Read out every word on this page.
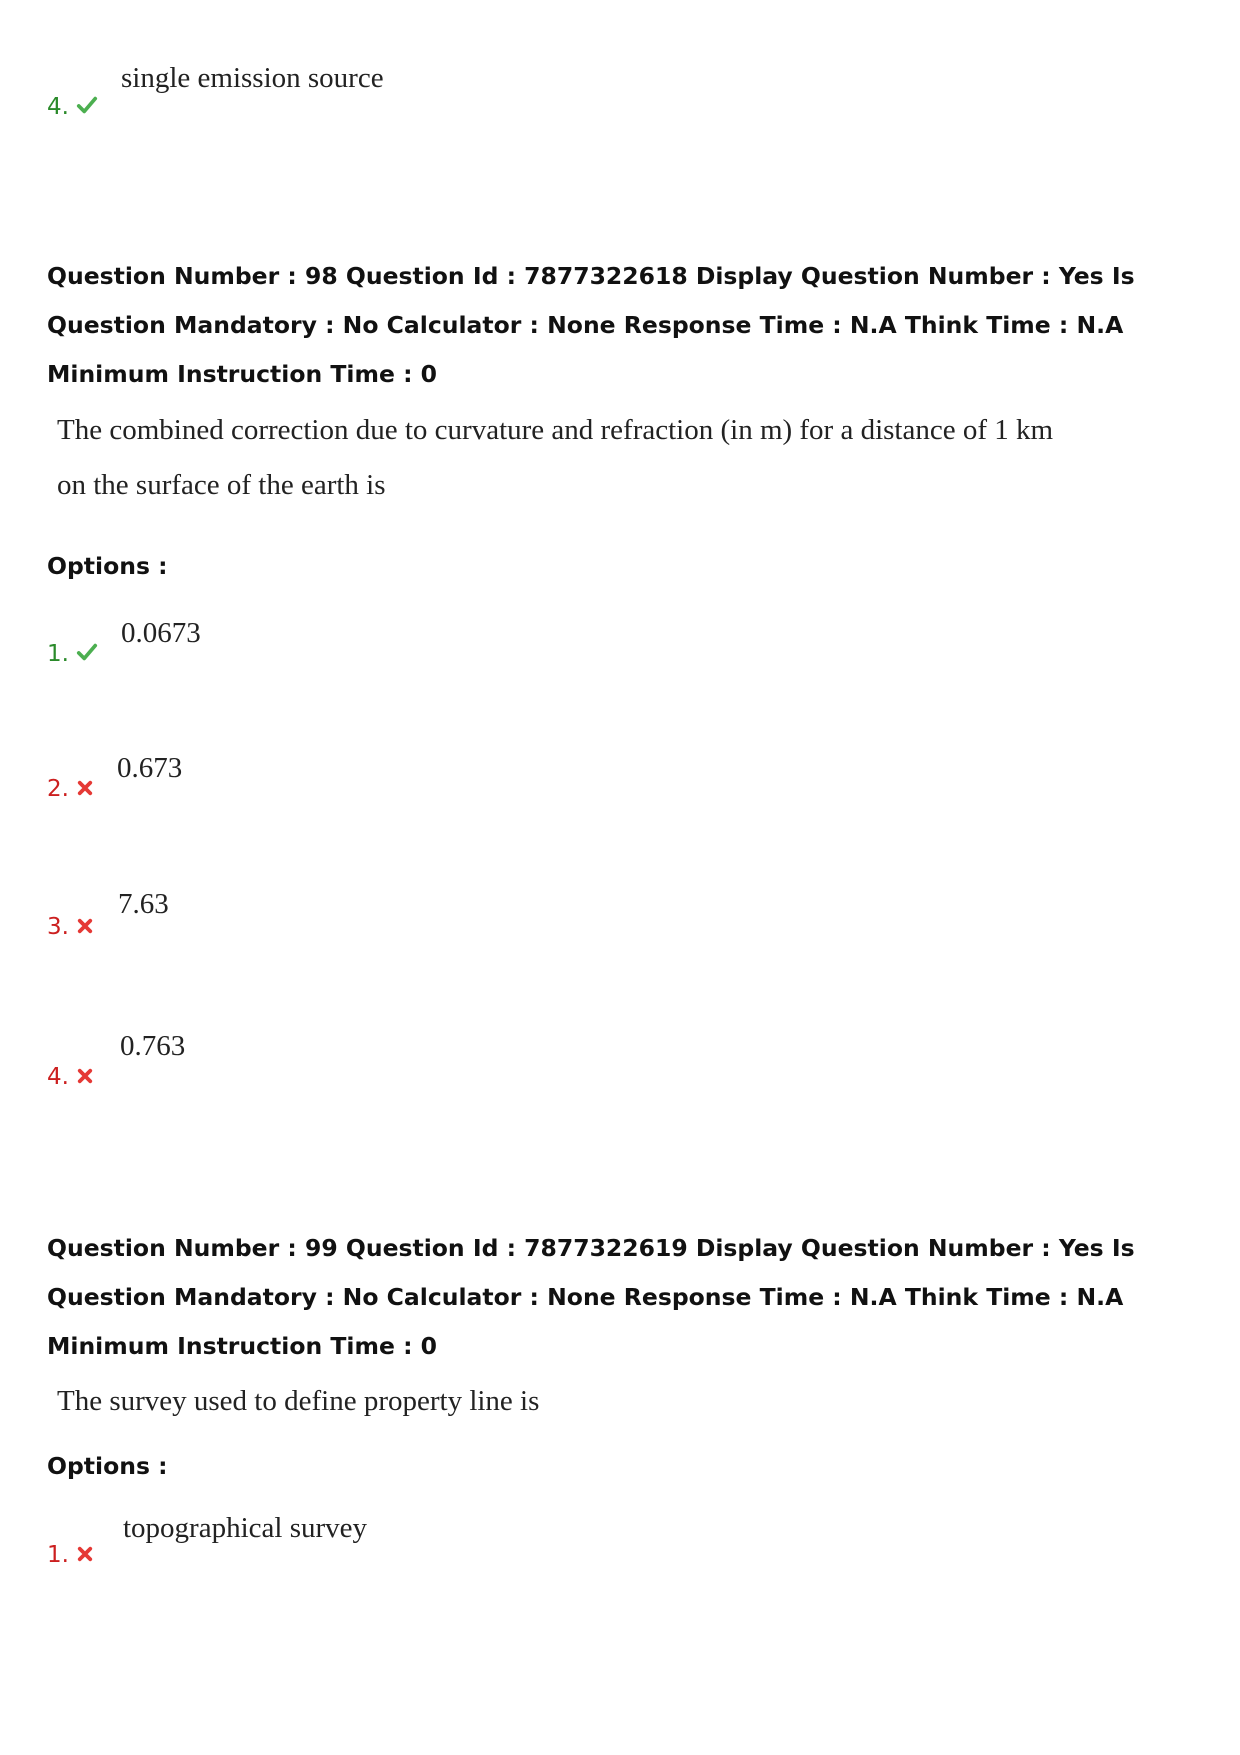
4.
single emission source
Question Number : 98 Question Id : 7877322618 Display Question Number : Yes Is Question Mandatory : No Calculator : None Response Time : N.A Think Time : N.A Minimum Instruction Time : 0
The combined correction due to curvature and refraction (in m) for a distance of 1 km
on the surface of the earth is
Options :
1.
0.0673
2.
0.673
3.
7.63
4.
0.763
Question Number : 99 Question Id : 7877322619 Display Question Number : Yes Is Question Mandatory : No Calculator : None Response Time : N.A Think Time : N.A Minimum Instruction Time : 0
The survey used to define property line is
Options :
1.
topographical survey
